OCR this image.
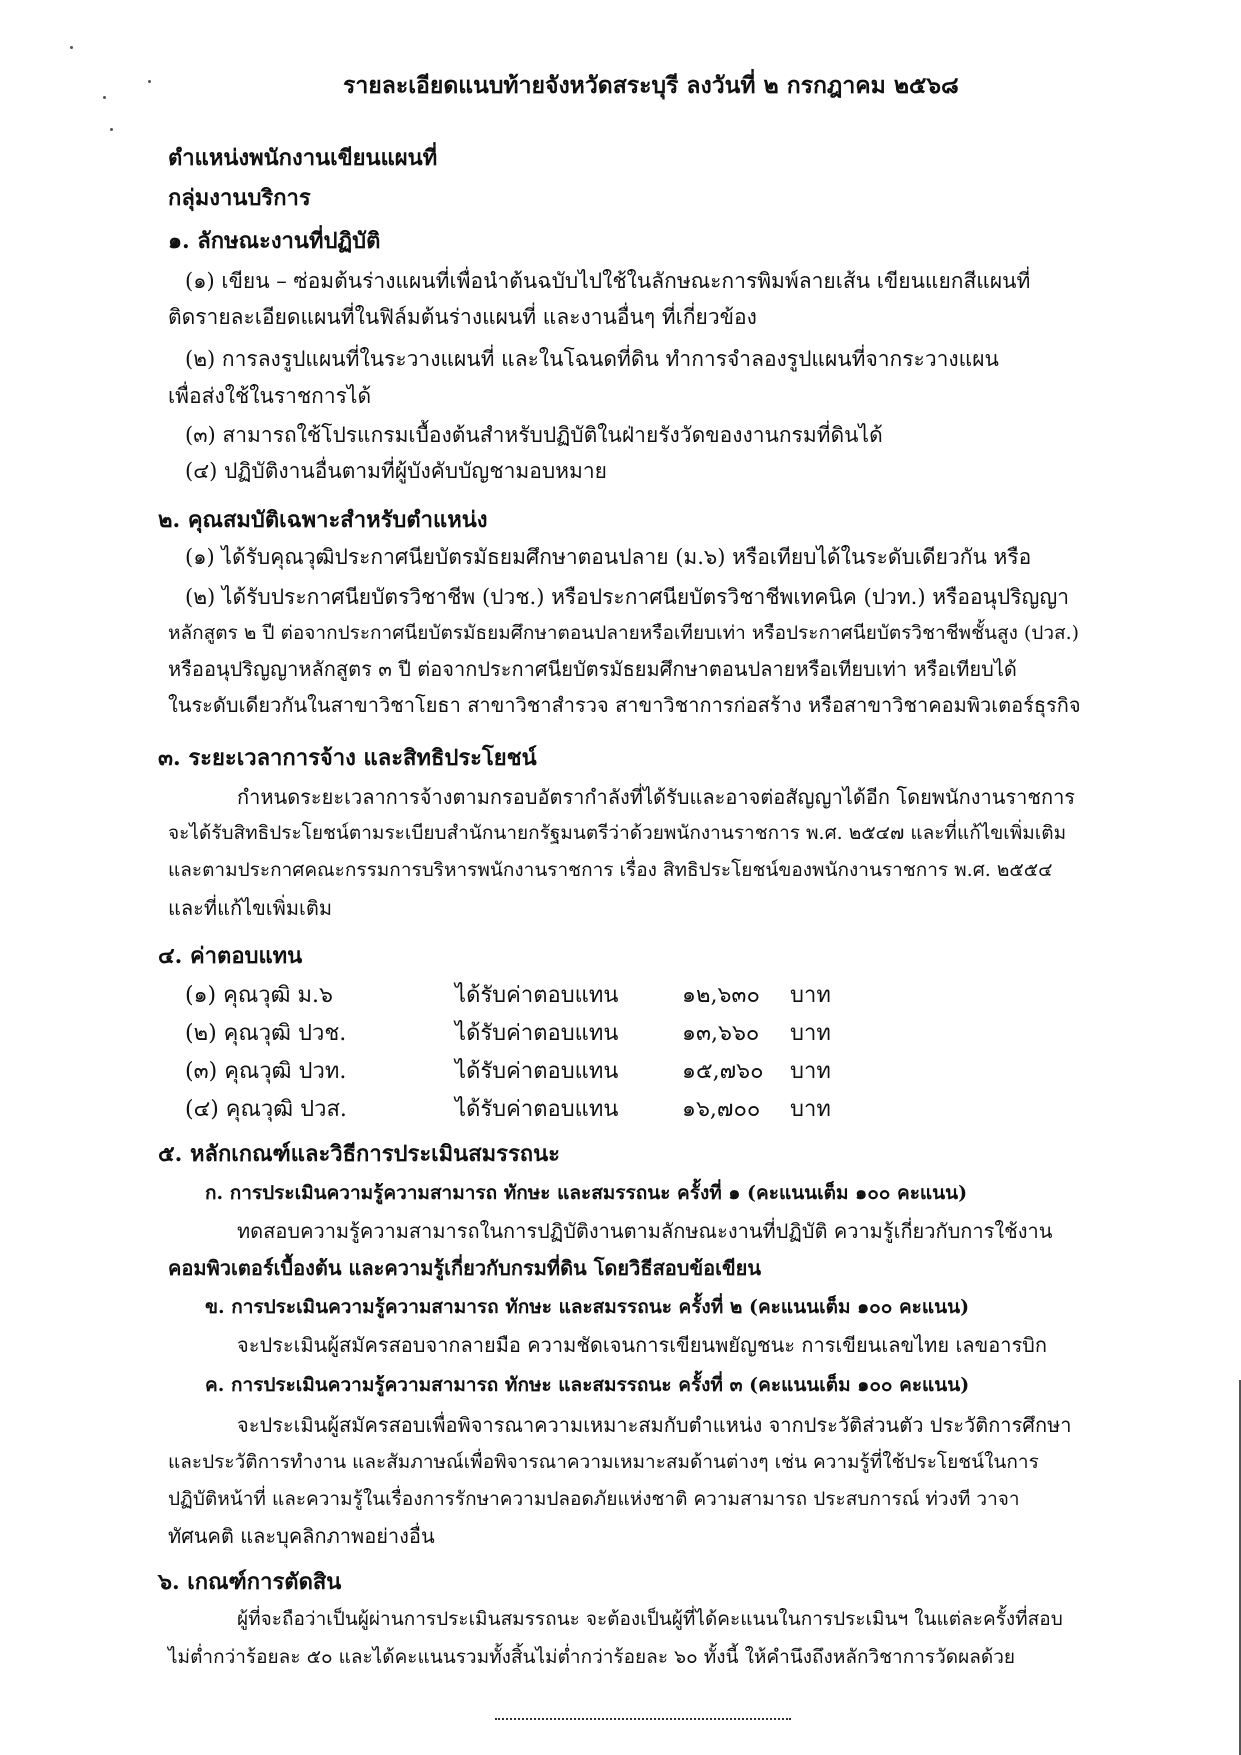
รายละเอียดแนบท้ายจังหวัดสระบุรี ลงวันที่ ๒ กรกฎาคม ๒๕๖๘
ตำแหน่งพนักงานเขียนแผนที่
กลุ่มงานบริการ
๑. ลักษณะงานที่ปฏิบัติ
(๑) เขียน – ซ่อมต้นร่างแผนที่เพื่อนำต้นฉบับไปใช้ในลักษณะการพิมพ์ลายเส้น เขียนแยกสีแผนที่
ติดรายละเอียดแผนที่ในฟิล์มต้นร่างแผนที่ และงานอื่นๆ ที่เกี่ยวข้อง
(๒) การลงรูปแผนที่ในระวางแผนที่ และในโฉนดที่ดิน ทำการจำลองรูปแผนที่จากระวางแผน
เพื่อส่งใช้ในราชการได้
(๓) สามารถใช้โปรแกรมเบื้องต้นสำหรับปฏิบัติในฝ่ายรังวัดของงานกรมที่ดินได้
(๔) ปฏิบัติงานอื่นตามที่ผู้บังคับบัญชามอบหมาย
๒. คุณสมบัติเฉพาะสำหรับตำแหน่ง
(๑) ได้รับคุณวุฒิประกาศนียบัตรมัธยมศึกษาตอนปลาย (ม.๖) หรือเทียบได้ในระดับเดียวกัน หรือ
(๒) ได้รับประกาศนียบัตรวิชาชีพ (ปวช.) หรือประกาศนียบัตรวิชาชีพเทคนิค (ปวท.) หรืออนุปริญญา
หลักสูตร ๒ ปี ต่อจากประกาศนียบัตรมัธยมศึกษาตอนปลายหรือเทียบเท่า หรือประกาศนียบัตรวิชาชีพชั้นสูง (ปวส.)
หรืออนุปริญญาหลักสูตร ๓ ปี ต่อจากประกาศนียบัตรมัธยมศึกษาตอนปลายหรือเทียบเท่า หรือเทียบได้
ในระดับเดียวกันในสาขาวิชาโยธา สาขาวิชาสำรวจ สาขาวิชาการก่อสร้าง หรือสาขาวิชาคอมพิวเตอร์ธุรกิจ
๓. ระยะเวลาการจ้าง และสิทธิประโยชน์
กำหนดระยะเวลาการจ้างตามกรอบอัตรากำลังที่ได้รับและอาจต่อสัญญาได้อีก โดยพนักงานราชการ
จะได้รับสิทธิประโยชน์ตามระเบียบสำนักนายกรัฐมนตรีว่าด้วยพนักงานราชการ พ.ศ. ๒๕๔๗ และที่แก้ไขเพิ่มเติม
และตามประกาศคณะกรรมการบริหารพนักงานราชการ เรื่อง สิทธิประโยชน์ของพนักงานราชการ พ.ศ. ๒๕๕๔
และที่แก้ไขเพิ่มเติม
๔. ค่าตอบแทน
(๑) คุณวุฒิ ม.๖	ได้รับค่าตอบแทน	๑๒,๖๓๐ บาท
(๒) คุณวุฒิ ปวช.	ได้รับค่าตอบแทน	๑๓,๖๖๐ บาท
(๓) คุณวุฒิ ปวท.	ได้รับค่าตอบแทน	๑๕,๗๖๐ บาท
(๔) คุณวุฒิ ปวส.	ได้รับค่าตอบแทน	๑๖,๗๐๐ บาท
๕. หลักเกณฑ์และวิธีการประเมินสมรรถนะ
ก. การประเมินความรู้ความสามารถ ทักษะ และสมรรถนะ ครั้งที่ ๑ (คะแนนเต็ม ๑๐๐ คะแนน)
ทดสอบความรู้ความสามารถในการปฏิบัติงานตามลักษณะงานที่ปฏิบัติ ความรู้เกี่ยวกับการใช้งาน
คอมพิวเตอร์เบื้องต้น และความรู้เกี่ยวกับกรมที่ดิน โดยวิธีสอบข้อเขียน
ข. การประเมินความรู้ความสามารถ ทักษะ และสมรรถนะ ครั้งที่ ๒ (คะแนนเต็ม ๑๐๐ คะแนน)
จะประเมินผู้สมัครสอบจากลายมือ ความชัดเจนการเขียนพยัญชนะ การเขียนเลขไทย เลขอารบิก
ค. การประเมินความรู้ความสามารถ ทักษะ และสมรรถนะ ครั้งที่ ๓ (คะแนนเต็ม ๑๐๐ คะแนน)
จะประเมินผู้สมัครสอบเพื่อพิจารณาความเหมาะสมกับตำแหน่ง จากประวัติส่วนตัว ประวัติการศึกษา
และประวัติการทำงาน และสัมภาษณ์เพื่อพิจารณาความเหมาะสมด้านต่างๆ เช่น ความรู้ที่ใช้ประโยชน์ในการ
ปฏิบัติหน้าที่ และความรู้ในเรื่องการรักษาความปลอดภัยแห่งชาติ ความสามารถ ประสบการณ์ ท่วงที วาจา
ทัศนคติ และบุคลิกภาพอย่างอื่น
๖. เกณฑ์การตัดสิน
ผู้ที่จะถือว่าเป็นผู้ผ่านการประเมินสมรรถนะ จะต้องเป็นผู้ที่ได้คะแนนในการประเมินฯ ในแต่ละครั้งที่สอบ
ไม่ต่ำกว่าร้อยละ ๕๐ และได้คะแนนรวมทั้งสิ้นไม่ต่ำกว่าร้อยละ ๖๐ ทั้งนี้ ให้คำนึงถึงหลักวิชาการวัดผลด้วย
